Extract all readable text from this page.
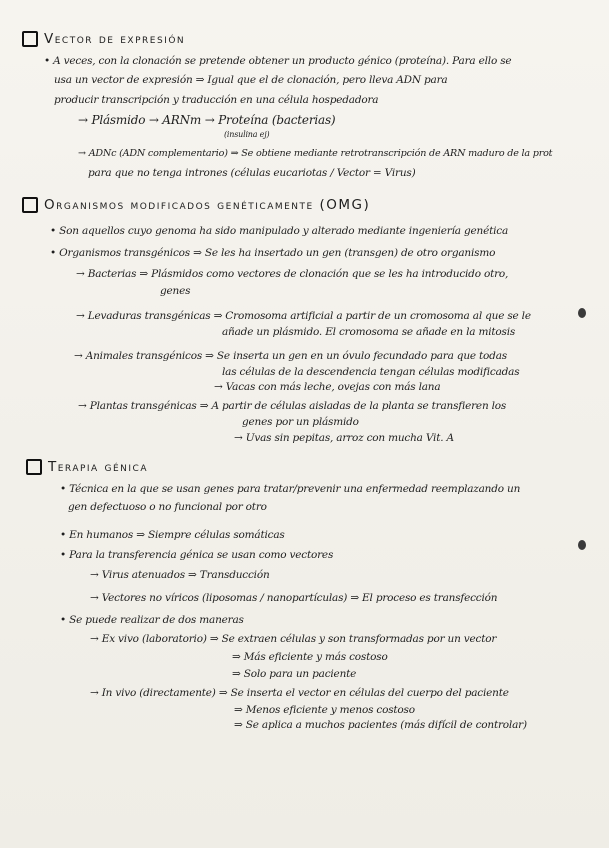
Vector de expresión
• A veces, con la clonación se pretende obtener un producto génico (proteína). Para ello se
usa un vector de expresión ⇒ Igual que el de clonación, pero lleva ADN para
producir transcripción y traducción en una célula hospedadora
→ Plásmido → ARNm → Proteína (bacterias)
(insulina ej)
→ ADNc (ADN complementario) ⇒ Se obtiene mediante retrotranscripción de ARN maduro de la prot
para que no tenga intrones (células eucariotas / Vector = Virus)
Organismos modificados genéticamente (OMG)
• Son aquellos cuyo genoma ha sido manipulado y alterado mediante ingeniería genética
• Organismos transgénicos ⇒ Se les ha insertado un gen (transgen) de otro organismo
→ Bacterias ⇒ Plásmidos como vectores de clonación que se les ha introducido otro,
genes
→ Levaduras transgénicas ⇒ Cromosoma artificial a partir de un cromosoma al que se le
añade un plásmido. El cromosoma se añade en la mitosis
→ Animales transgénicos ⇒ Se inserta un gen en un óvulo fecundado para que todas
las células de la descendencia tengan células modificadas
→ Vacas con más leche, ovejas con más lana
→ Plantas transgénicas ⇒ A partir de células aisladas de la planta se transfieren los
genes por un plásmido
→ Uvas sin pepitas, arroz con mucha Vit. A
Terapia génica
• Técnica en la que se usan genes para tratar/prevenir una enfermedad reemplazando un
gen defectuoso o no funcional por otro
• En humanos ⇒ Siempre células somáticas
• Para la transferencia génica se usan como vectores
→ Virus atenuados ⇒ Transducción
→ Vectores no víricos (liposomas / nanopartículas) ⇒ El proceso es transfección
• Se puede realizar de dos maneras
→ Ex vivo (laboratorio) ⇒ Se extraen células y son transformadas por un vector
⇒ Más eficiente y más costoso
⇒ Solo para un paciente
→ In vivo (directamente) ⇒ Se inserta el vector en células del cuerpo del paciente
⇒ Menos eficiente y menos costoso
⇒ Se aplica a muchos pacientes (más difícil de controlar)
